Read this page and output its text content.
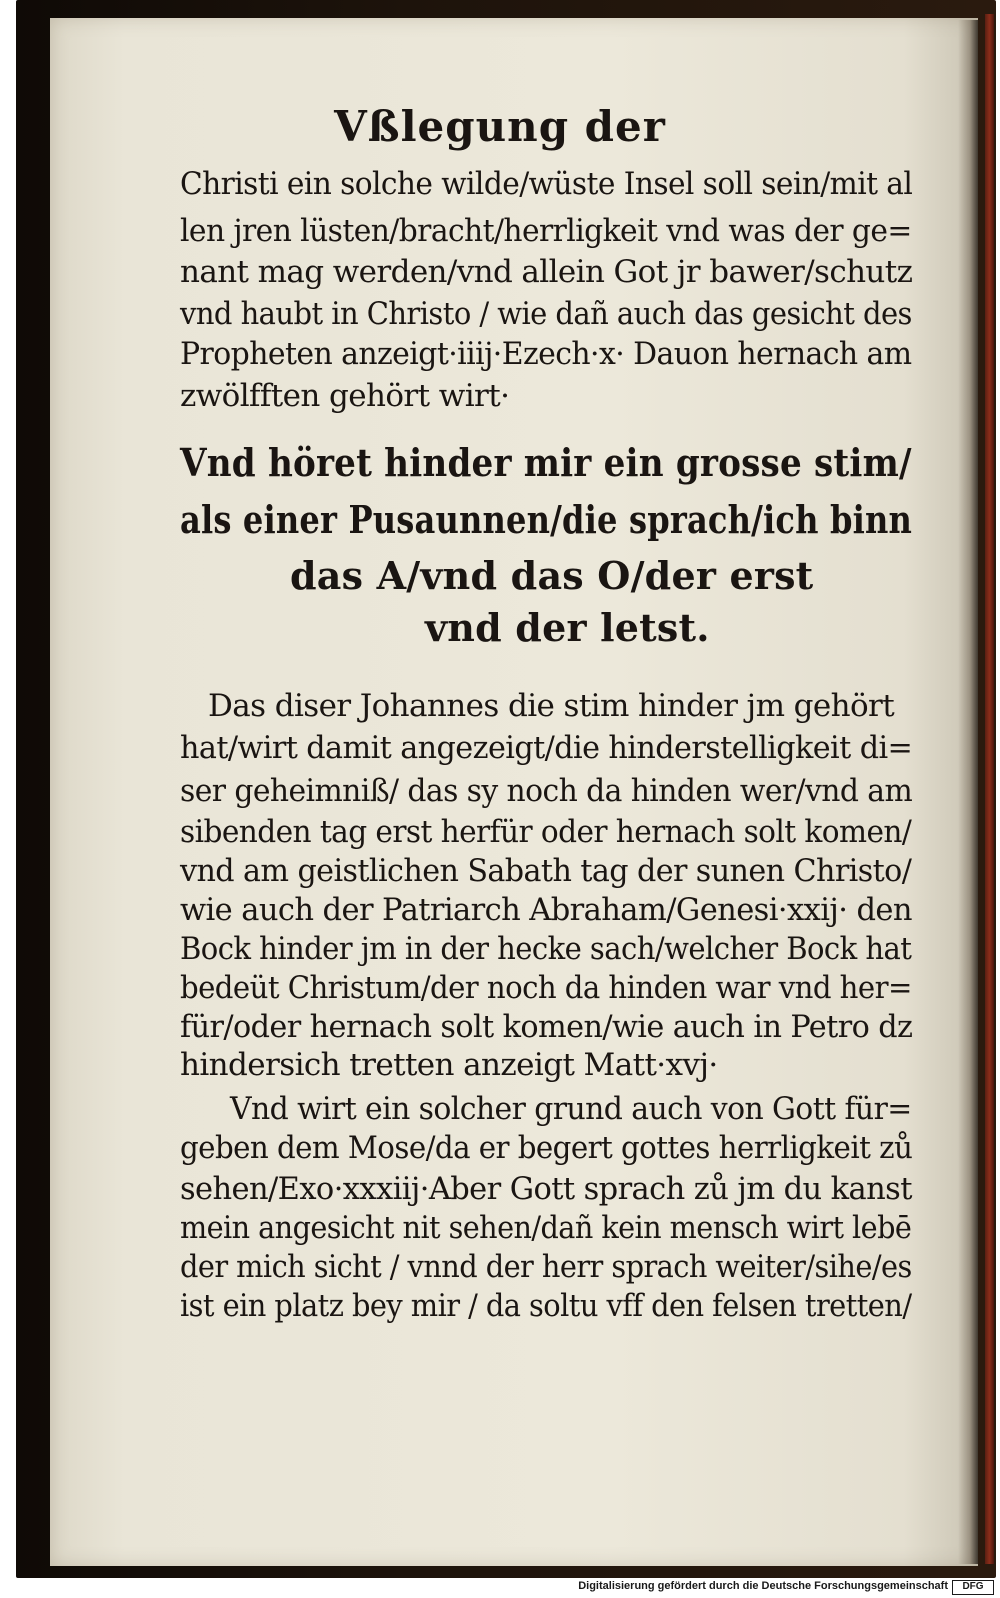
Vßlegung der

Christi ein solche wilde/wüste Insel soll sein/mit al

len jren lüsten/bracht/herrligkeit vnd was der ge=

nant mag werden/vnd allein Got jr bawer/schutz

vnd haubt in Christo / wie dañ auch das gesicht des

Propheten anzeigt·iiij·Ezech·x· Dauon hernach am

zwölfften gehört wirt·

Vnd höret hinder mir ein grosse stim/

als einer Pusaunnen/die sprach/ich binn

das A/vnd das O/der erst

vnd der letst.

Das diser Johannes die stim hinder jm gehört

hat/wirt damit angezeigt/die hinderstelligkeit di=

ser geheimniß/ das sy noch da hinden wer/vnd am

sibenden tag erst herfür oder hernach solt komen/

vnd am geistlichen Sabath tag der sunen Christo/

wie auch der Patriarch Abraham/Genesi·xxij· den

Bock hinder jm in der hecke sach/welcher Bock hat

bedeüt Christum/der noch da hinden war vnd her=

für/oder hernach solt komen/wie auch in Petro dz

hindersich tretten anzeigt Matt·xvj·

Vnd wirt ein solcher grund auch von Gott für=

geben dem Mose/da er begert gottes herrligkeit zů

sehen/Exo·xxxiij·Aber Gott sprach zů jm du kanst

mein angesicht nit sehen/dañ kein mensch wirt lebē

der mich sicht / vnnd der herr sprach weiter/sihe/es

ist ein platz bey mir / da soltu vff den felsen tretten/

Digitalisierung gefördert durch die Deutsche Forschungsgemeinschaft	DFG
